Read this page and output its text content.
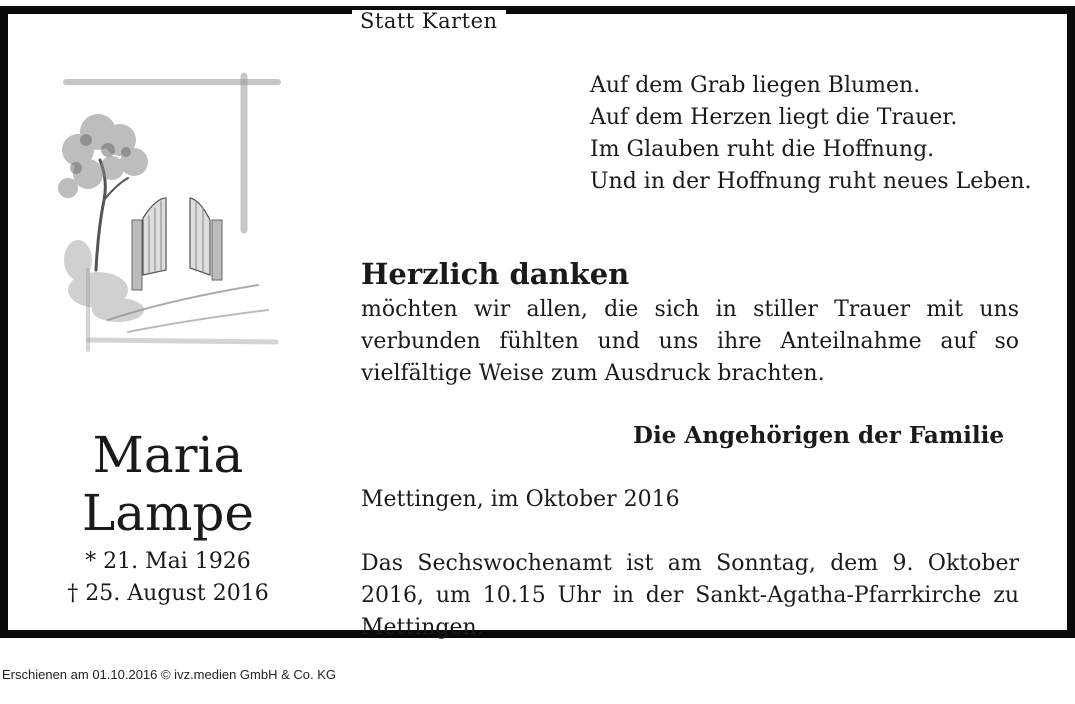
Statt Karten
Maria
Lampe
* 21. Mai 1926
† 25. August 2016
Auf dem Grab liegen Blumen.
Auf dem Herzen liegt die Trauer.
Im Glauben ruht die Hoffnung.
Und in der Hoffnung ruht neues Leben.
Herzlich danken
möchten wir allen, die sich in stiller Trauer mit uns verbunden fühlten und uns ihre Anteilnahme auf so vielfältige Weise zum Ausdruck brachten.
Die Angehörigen der Familie
Mettingen, im Oktober 2016
Das Sechswochenamt ist am Sonntag, dem 9. Oktober 2016, um 10.15 Uhr in der Sankt-Agatha-Pfarrkirche zu Mettingen.
Erschienen am 01.10.2016 © ivz.medien GmbH & Co. KG
